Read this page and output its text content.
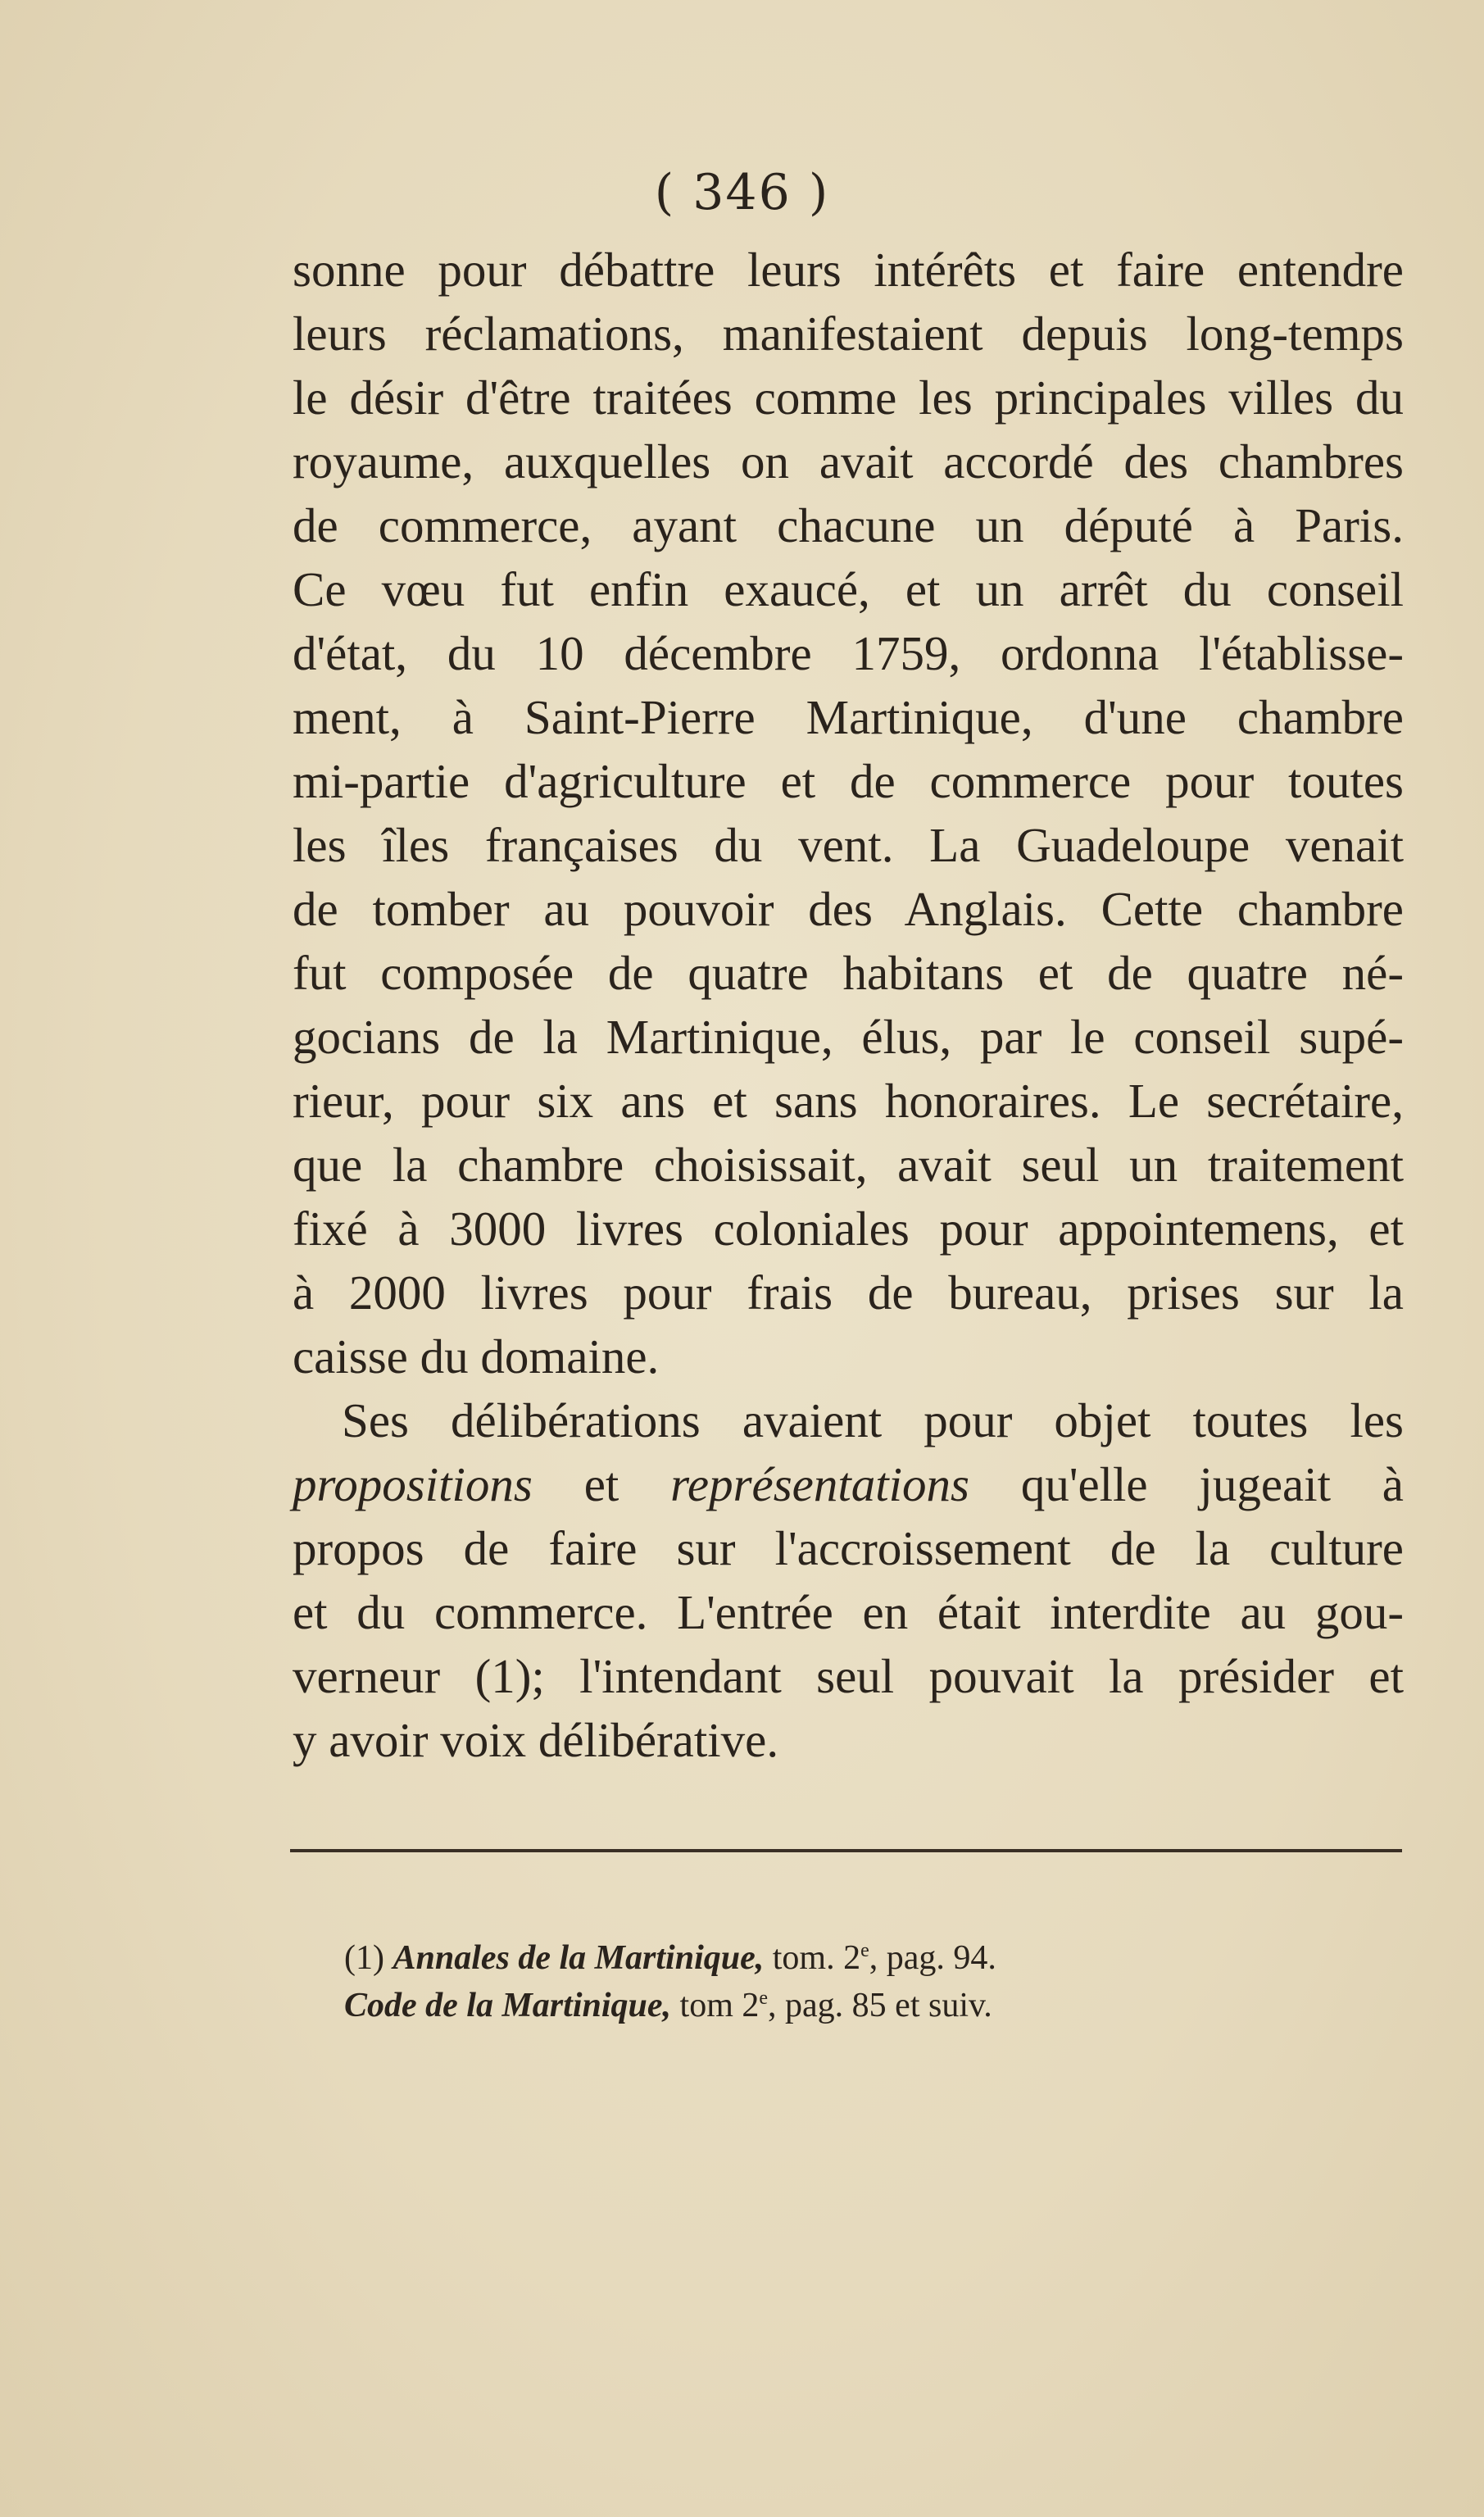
( 346 )

sonne pour débattre leurs intérêts et faire entendre
leurs réclamations, manifestaient depuis long-temps
le désir d'être traitées comme les principales villes du
royaume, auxquelles on avait accordé des chambres
de commerce, ayant chacune un député à Paris.
Ce vœu fut enfin exaucé, et un arrêt du conseil
d'état, du 10 décembre 1759, ordonna l'établisse-
ment, à Saint-Pierre Martinique, d'une chambre
mi-partie d'agriculture et de commerce pour toutes
les îles françaises du vent. La Guadeloupe venait
de tomber au pouvoir des Anglais. Cette chambre
fut composée de quatre habitans et de quatre né-
gocians de la Martinique, élus, par le conseil supé-
rieur, pour six ans et sans honoraires. Le secrétaire,
que la chambre choisissait, avait seul un traitement
fixé à 3000 livres coloniales pour appointemens, et
à 2000 livres pour frais de bureau, prises sur la
caisse du domaine.

Ses délibérations avaient pour objet toutes les
propositions et représentations qu'elle jugeait à
propos de faire sur l'accroissement de la culture
et du commerce. L'entrée en était interdite au gou-
verneur (1); l'intendant seul pouvait la présider et
y avoir voix délibérative.

(1) Annales de la Martinique, tom. 2e, pag. 94.
Code de la Martinique, tom 2e, pag. 85 et suiv.
